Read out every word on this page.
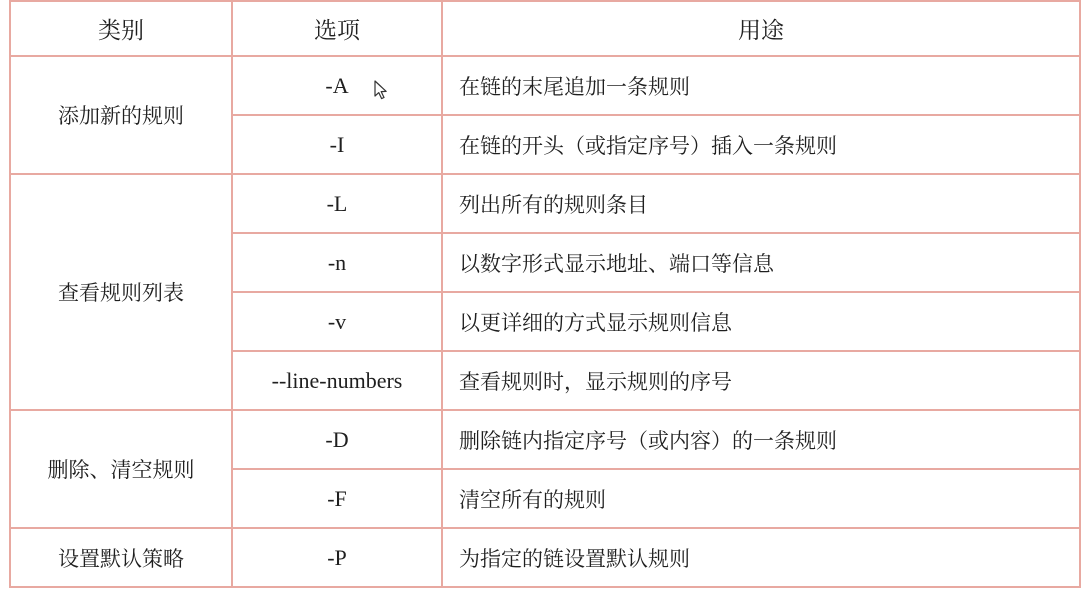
类别	选项	用途
添加新的规则	-A	在链的末尾追加一条规则
	-I	在链的开头（或指定序号）插入一条规则
查看规则列表	-L	列出所有的规则条目
	-n	以数字形式显示地址、端口等信息
	-v	以更详细的方式显示规则信息
	--line-numbers	查看规则时，显示规则的序号
删除、清空规则	-D	删除链内指定序号（或内容）的一条规则
	-F	清空所有的规则
设置默认策略	-P	为指定的链设置默认规则
